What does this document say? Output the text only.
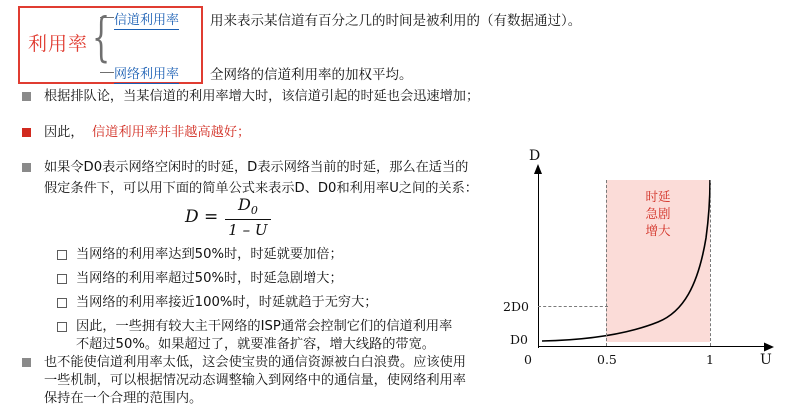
利用率 { 信道利用率
网络利用率
用来表示某信道有百分之几的时间是被利用的（有数据通过）。
全网络的信道利用率的加权平均。
根据排队论，当某信道的利用率增大时，该信道引起的时延也会迅速增加；
因此， 信道利用率并非越高越好；
如果令D0表示网络空闲时的时延，D表示网络当前的时延，那么在适当的
假定条件下，可以用下面的简单公式来表示D、D0和利用率U之间的关系：
$D = \frac{D_0}{1 - U}$
当网络的利用率达到50%时，时延就要加倍；
当网络的利用率超过50%时，时延急剧增大；
当网络的利用率接近100%时，时延就趋于无穷大；
因此，一些拥有较大主干网络的ISP通常会控制它们的信道利用率
不超过50%。如果超过了，就要准备扩容，增大线路的带宽。
也不能使信道利用率太低，这会使宝贵的通信资源被白白浪费。应该使用
一些机制，可以根据情况动态调整输入到网络中的通信量，使网络利用率
保持在一个合理的范围内。
时延
急剧
增大
D
U
0	0.5	1
D0
2D0
